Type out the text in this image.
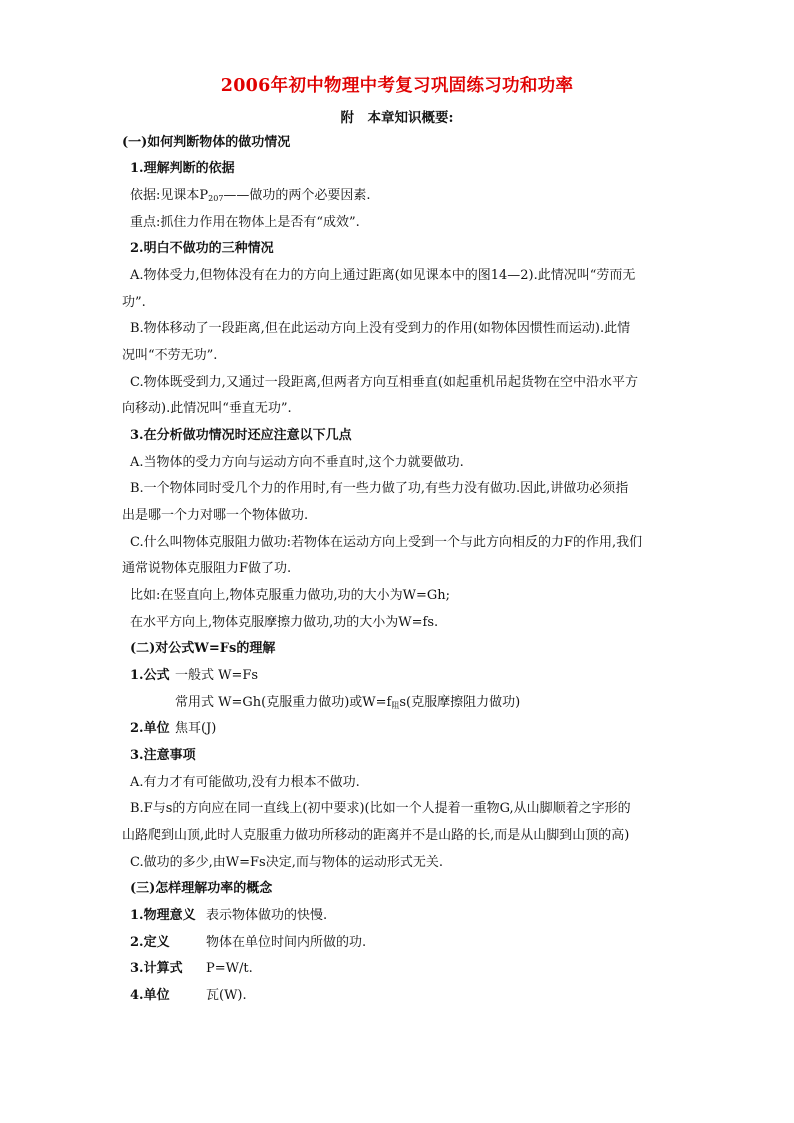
2006年初中物理中考复习巩固练习功和功率
附　本章知识概要:
(一)如何判断物体的做功情况
1.理解判断的依据
依据:见课本$P_{207}——$做功的两个必要因素.
重点:抓住力作用在物体上是否有“成效”.
2.明白不做功的三种情况
A.物体受力,但物体没有在力的方向上通过距离(如见课本中的图14—2).此情况叫“劳而无
功”.
B.物体移动了一段距离,但在此运动方向上没有受到力的作用(如物体因惯性而运动).此情
况叫“不劳无功”.
C.物体既受到力,又通过一段距离,但两者方向互相垂直(如起重机吊起货物在空中沿水平方
向移动).此情况叫“垂直无功”.
3.在分析做功情况时还应注意以下几点
A.当物体的受力方向与运动方向不垂直时,这个力就要做功.
B.一个物体同时受几个力的作用时,有一些力做了功,有些力没有做功.因此,讲做功必须指
出是哪一个力对哪一个物体做功.
C.什么叫物体克服阻力做功:若物体在运动方向上受到一个与此方向相反的力F的作用,我们
通常说物体克服阻力F做了功.
比如:在竖直向上,物体克服重力做功,功的大小为W=Gh;
在水平方向上,物体克服摩擦力做功,功的大小为W=fs.
(二)对公式W=Fs的理解
1.公式 一般式 W=Fs
常用式 W=Gh(克服重力做功)或$W=f_阻s$(克服摩擦阻力做功)
2.单位 焦耳(J)
3.注意事项
A.有力才有可能做功,没有力根本不做功.
B.F与s的方向应在同一直线上(初中要求)(比如一个人提着一重物G,从山脚顺着之字形的
山路爬到山顶,此时人克服重力做功所移动的距离并不是山路的长,而是从山脚到山顶的高)
C.做功的多少,由W=Fs决定,而与物体的运动形式无关.
(三)怎样理解功率的概念
1.物理意义 表示物体做功的快慢.
2.定义	物体在单位时间内所做的功.
3.计算式 P=W/t.
4.单位	瓦(W).
